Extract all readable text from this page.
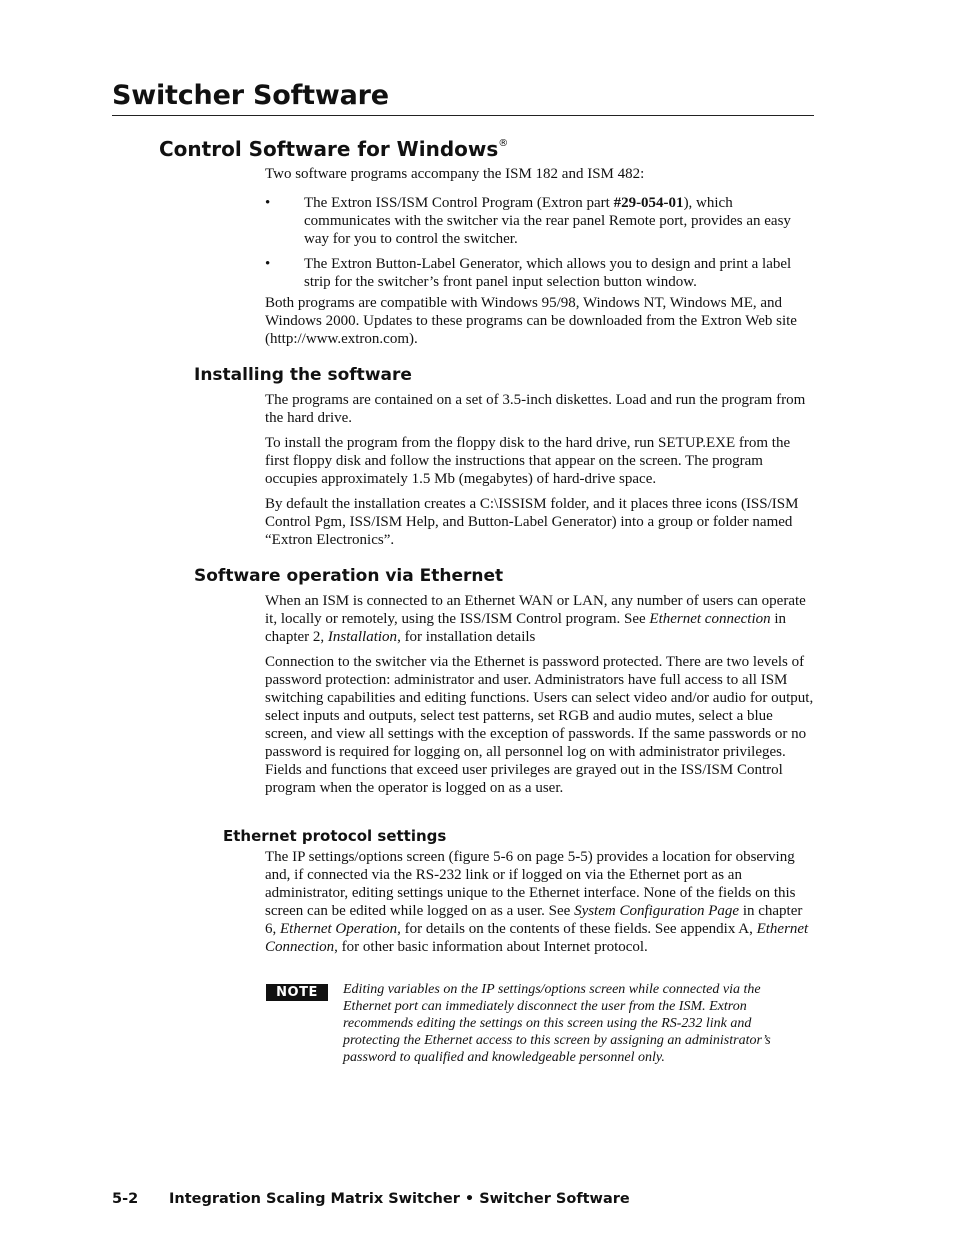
Switcher Software
Control Software for Windows®

Two software programs accompany the ISM 182 and ISM 482:

• The Extron ISS/ISM Control Program (Extron part #29-054-01), which communicates with the switcher via the rear panel Remote port, provides an easy way for you to control the switcher.
• The Extron Button-Label Generator, which allows you to design and print a label strip for the switcher’s front panel input selection button window.

Both programs are compatible with Windows 95/98, Windows NT, Windows ME, and Windows 2000. Updates to these programs can be downloaded from the Extron Web site (http://www.extron.com).

Installing the software

The programs are contained on a set of 3.5-inch diskettes. Load and run the program from the hard drive.

To install the program from the floppy disk to the hard drive, run SETUP.EXE from the first floppy disk and follow the instructions that appear on the screen. The program occupies approximately 1.5 Mb (megabytes) of hard-drive space.

By default the installation creates a C:\ISSISM folder, and it places three icons (ISS/ISM Control Pgm, ISS/ISM Help, and Button-Label Generator) into a group or folder named “Extron Electronics”.

Software operation via Ethernet

When an ISM is connected to an Ethernet WAN or LAN, any number of users can operate it, locally or remotely, using the ISS/ISM Control program. See Ethernet connection in chapter 2, Installation, for installation details

Connection to the switcher via the Ethernet is password protected. There are two levels of password protection: administrator and user. Administrators have full access to all ISM switching capabilities and editing functions. Users can select video and/or audio for output, select inputs and outputs, select test patterns, set RGB and audio mutes, select a blue screen, and view all settings with the exception of passwords. If the same passwords or no password is required for logging on, all personnel log on with administrator privileges. Fields and functions that exceed user privileges are grayed out in the ISS/ISM Control program when the operator is logged on as a user.

Ethernet protocol settings

The IP settings/options screen (figure 5-6 on page 5-5) provides a location for observing and, if connected via the RS-232 link or if logged on via the Ethernet port as an administrator, editing settings unique to the Ethernet interface. None of the fields on this screen can be edited while logged on as a user. See System Configuration Page in chapter 6, Ethernet Operation, for details on the contents of these fields. See appendix A, Ethernet Connection, for other basic information about Internet protocol.

NOTE	Editing variables on the IP settings/options screen while connected via the Ethernet port can immediately disconnect the user from the ISM. Extron recommends editing the settings on this screen using the RS-232 link and protecting the Ethernet access to this screen by assigning an administrator’s password to qualified and knowledgeable personnel only.

5-2 Integration Scaling Matrix Switcher • Switcher Software
